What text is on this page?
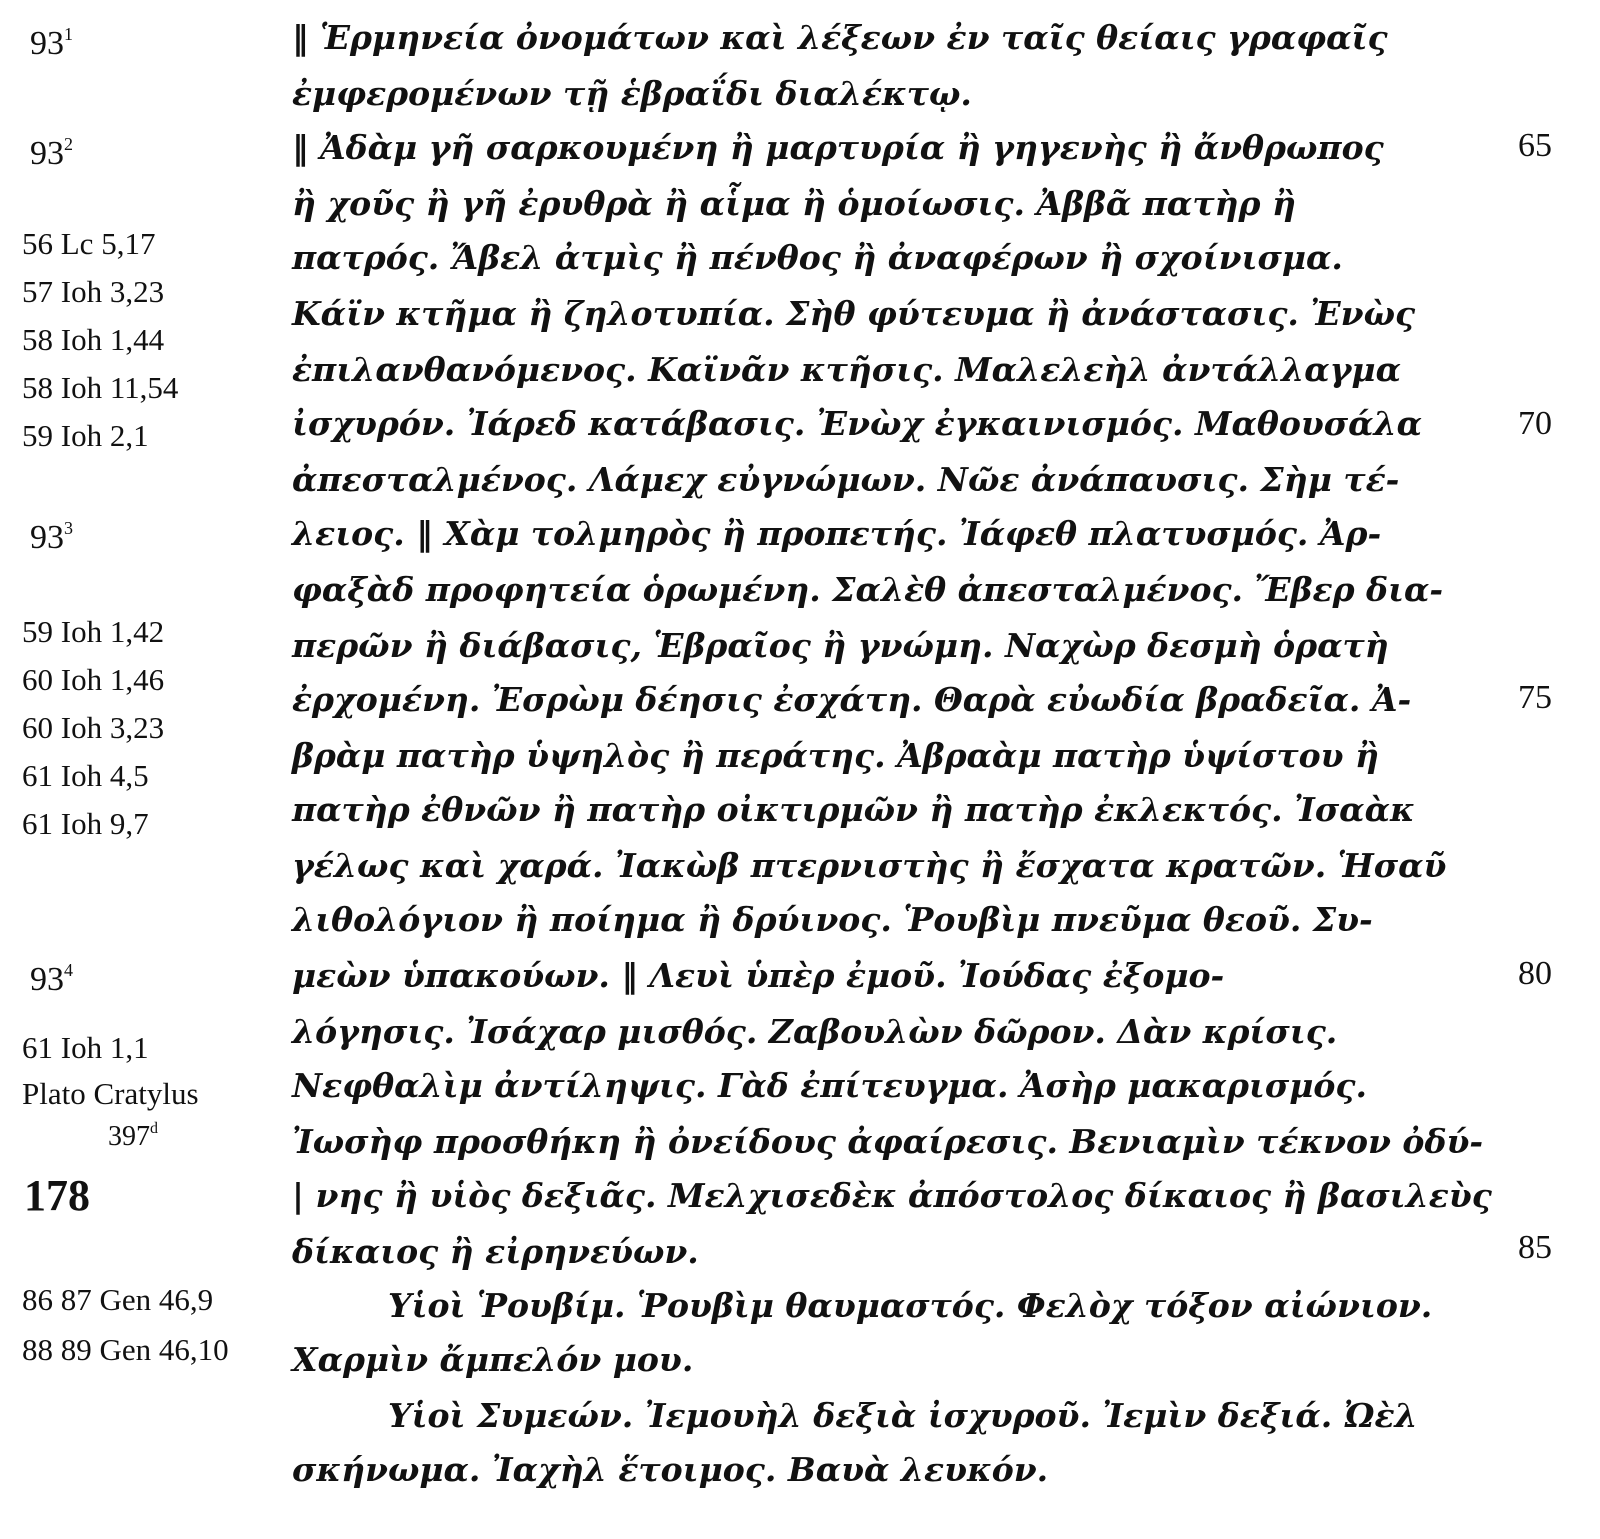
$93^1$
$93^2$
$93^3$
$93^4$
56 Lc 5,17
57 Ioh 3,23
58 Ioh 1,44
58 Ioh 11,54
59 Ioh 2,1
59 Ioh 1,42
60 Ioh 1,46
60 Ioh 3,23
61 Ioh 4,5
61 Ioh 9,7
61 Ioh 1,1
Plato Cratylus
397$^d$
178
86 87 Gen 46,9
88 89 Gen 46,10
65
70
75
80
85
‖ Ἑρμηνεία ὀνομάτων καὶ λέξεων ἐν ταῖς θείαις γραφαῖς
ἐμφερομένων τῇ ἑβραΐδι διαλέκτῳ.
‖ Ἀδὰμ γῆ σαρκουμένη ἢ μαρτυρία ἢ γηγενὴς ἢ ἄνθρωπος
ἢ χοῦς ἢ γῆ ἐρυθρὰ ἢ αἷμα ἢ ὁμοίωσις. Ἀββᾶ πατὴρ ἢ
πατρός. Ἄβελ ἀτμὶς ἢ πένθος ἢ ἀναφέρων ἢ σχοίνισμα.
Κάϊν κτῆμα ἢ ζηλοτυπία. Σὴθ φύτευμα ἢ ἀνάστασις. Ἐνὼς
ἐπιλανθανόμενος. Καϊνᾶν κτῆσις. Μαλελεὴλ ἀντάλλαγμα
ἰσχυρόν. Ἰάρεδ κατάβασις. Ἐνὼχ ἐγκαινισμός. Μαθουσάλα
ἀπεσταλμένος. Λάμεχ εὐγνώμων. Νῶε ἀνάπαυσις. Σὴμ τέ-
λειος. ‖ Χὰμ τολμηρὸς ἢ προπετής. Ἰάφεθ πλατυσμός. Ἀρ-
φαξὰδ προφητεία ὁρωμένη. Σαλὲθ ἀπεσταλμένος. Ἔβερ δια-
περῶν ἢ διάβασις, Ἑβραῖος ἢ γνώμη. Ναχὼρ δεσμὴ ὁρατὴ
ἐρχομένη. Ἐσρὼμ δέησις ἐσχάτη. Θαρὰ εὐωδία βραδεῖα. Ἀ-
βρὰμ πατὴρ ὑψηλὸς ἢ περάτης. Ἀβραὰμ πατὴρ ὑψίστου ἢ
πατὴρ ἐθνῶν ἢ πατὴρ οἰκτιρμῶν ἢ πατὴρ ἐκλεκτός. Ἰσαὰκ
γέλως καὶ χαρά. Ἰακὼβ πτερνιστὴς ἢ ἔσχατα κρατῶν. Ἡσαῦ
λιθολόγιον ἢ ποίημα ἢ δρύινος. Ῥουβὶμ πνεῦμα θεοῦ. Συ-
μεὼν ὑπακούων. ‖ Λευὶ ὑπὲρ ἐμοῦ. Ἰούδας ἐξομο-
λόγησις. Ἰσάχαρ μισθός. Ζαβουλὼν δῶρον. Δὰν κρίσις.
Νεφθαλὶμ ἀντίληψις. Γὰδ ἐπίτευγμα. Ἀσὴρ μακαρισμός.
Ἰωσὴφ προσθήκη ἢ ὀνείδους ἀφαίρεσις. Βενιαμὶν τέκνον ὀδύ-
| νης ἢ υἱὸς δεξιᾶς. Μελχισεδὲκ ἀπόστολος δίκαιος ἢ βασιλεὺς
δίκαιος ἢ εἰρηνεύων.
Υἱοὶ Ῥουβίμ. Ῥουβὶμ θαυμαστός. Φελὸχ τόξον αἰώνιον.
Χαρμὶν ἄμπελόν μου.
Υἱοὶ Συμεών. Ἰεμουὴλ δεξιὰ ἰσχυροῦ. Ἰεμὶν δεξιά. Ὠὲλ
σκήνωμα. Ἰαχὴλ ἕτοιμος. Βαυὰ λευκόν.
